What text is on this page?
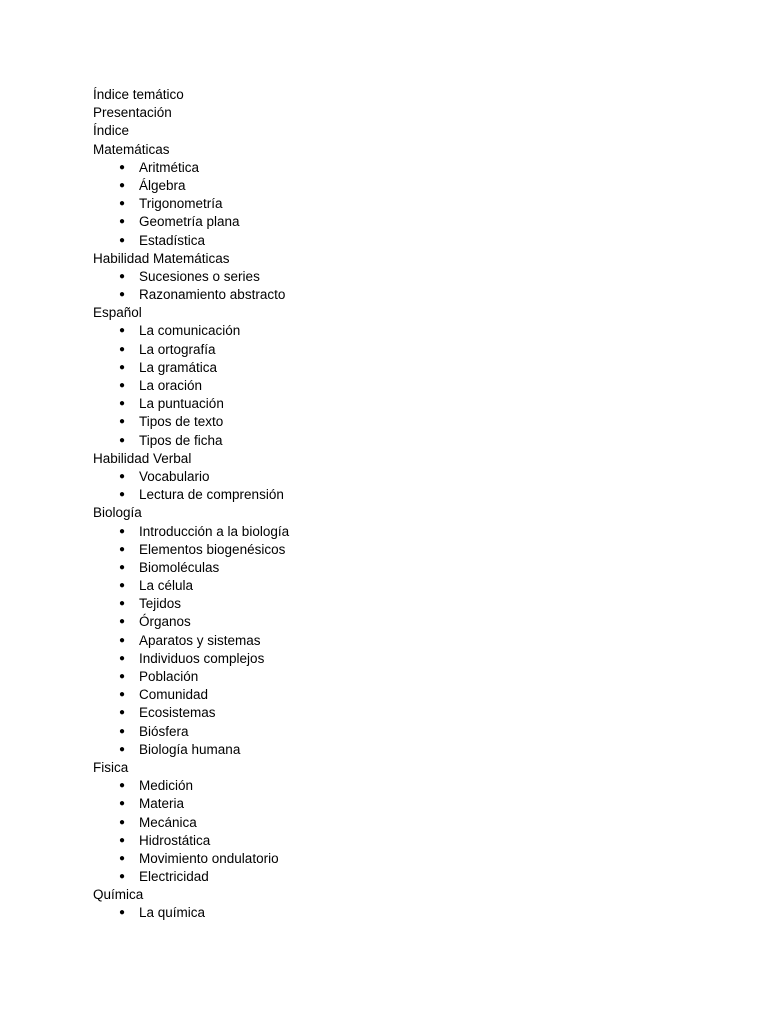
Índice temático
Presentación
Índice
Matemáticas
● Aritmética
● Álgebra
● Trigonometría
● Geometría plana
● Estadística
Habilidad Matemáticas
● Sucesiones o series
● Razonamiento abstracto
Español
● La comunicación
● La ortografía
● La gramática
● La oración
● La puntuación
● Tipos de texto
● Tipos de ficha
Habilidad Verbal
● Vocabulario
● Lectura de comprensión
Biología
● Introducción a la biología
● Elementos biogenésicos
● Biomoléculas
● La célula
● Tejidos
● Órganos
● Aparatos y sistemas
● Individuos complejos
● Población
● Comunidad
● Ecosistemas
● Biósfera
● Biología humana
Fisica
● Medición
● Materia
● Mecánica
● Hidrostática
● Movimiento ondulatorio
● Electricidad
Química
● La química
